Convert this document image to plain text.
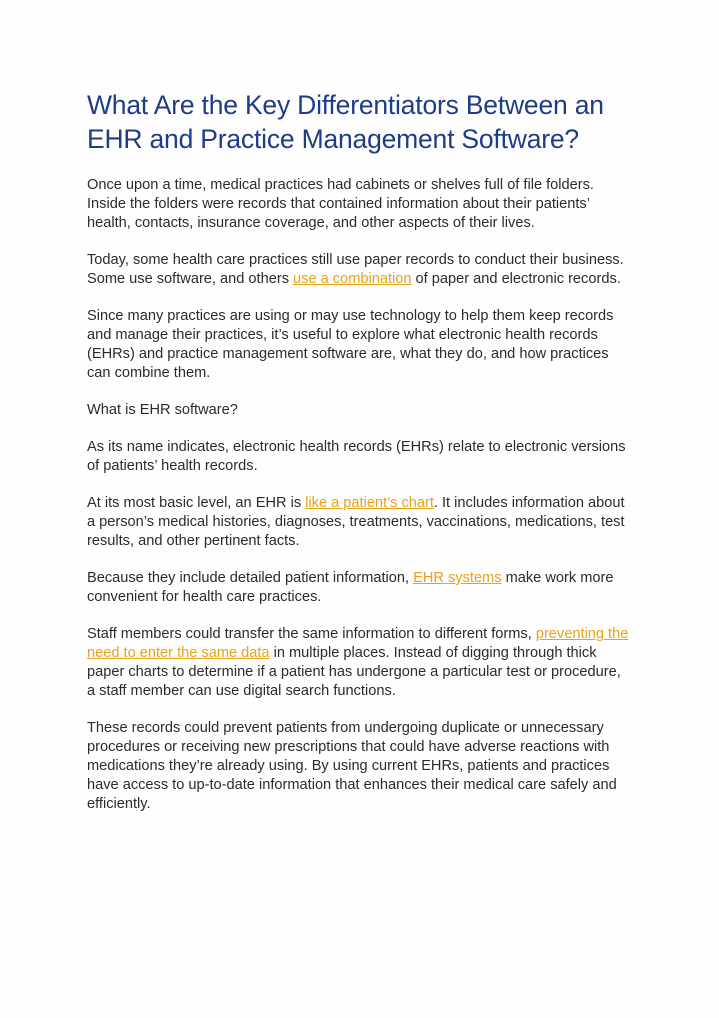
What Are the Key Differentiators Between an EHR and Practice Management Software?

Once upon a time, medical practices had cabinets or shelves full of file folders. Inside the folders were records that contained information about their patients’ health, contacts, insurance coverage, and other aspects of their lives.

Today, some health care practices still use paper records to conduct their business. Some use software, and others use a combination of paper and electronic records.

Since many practices are using or may use technology to help them keep records and manage their practices, it’s useful to explore what electronic health records (EHRs) and practice management software are, what they do, and how practices can combine them.

What is EHR software?

As its name indicates, electronic health records (EHRs) relate to electronic versions of patients’ health records.

At its most basic level, an EHR is like a patient’s chart. It includes information about a person’s medical histories, diagnoses, treatments, vaccinations, medications, test results, and other pertinent facts.

Because they include detailed patient information, EHR systems make work more convenient for health care practices.

Staff members could transfer the same information to different forms, preventing the need to enter the same data in multiple places. Instead of digging through thick paper charts to determine if a patient has undergone a particular test or procedure, a staff member can use digital search functions.

These records could prevent patients from undergoing duplicate or unnecessary procedures or receiving new prescriptions that could have adverse reactions with medications they’re already using. By using current EHRs, patients and practices have access to up-to-date information that enhances their medical care safely and efficiently.
